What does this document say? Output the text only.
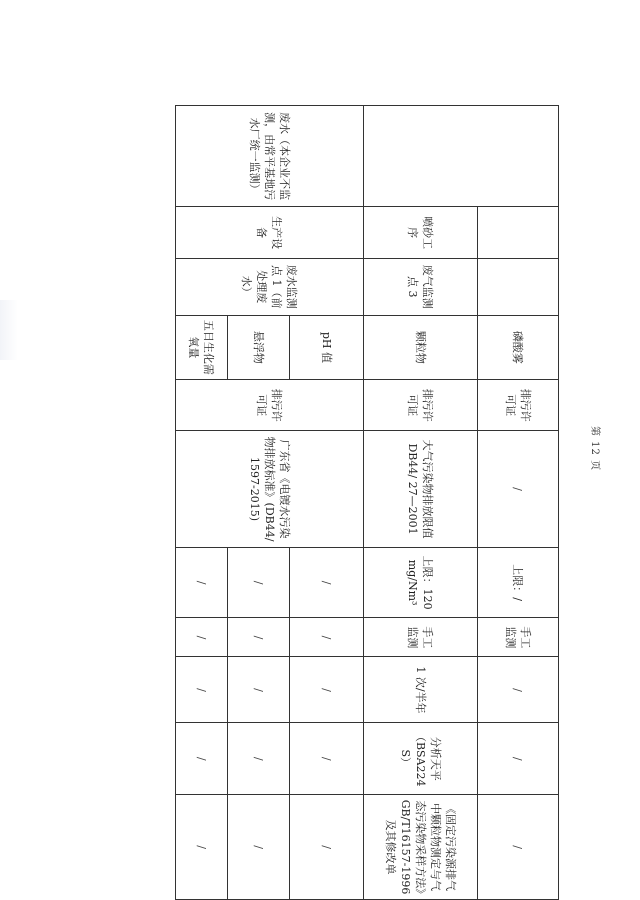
第 12 页
			磷酸雾	排污许可证	/	上限：/	手工监测	/	/	/
	喷砂工序	废气监测点 3	颗粒物	排污许可证	大气污染物排放限值 DB44/ 27—2001	上限：120mg/Nm³	手工监测	1 次/半年	分析天平（BSA224S）	《固定污染源排气中颗粒物测定与气态污染物采样方法》GB/T16157-1996 及其修改单
废水（本企业不监测，由常平基地污水厂统一监测）	生产设备	废水监测点 1（前处理废水）	pH 值	排污许可证	广东省《电镀水污染物排放标准》(DB44/1597-2015)	/	/	/	/	/
			悬浮物			/	/	/	/	/
			五日生化需氧量			/	/	/	/	/
